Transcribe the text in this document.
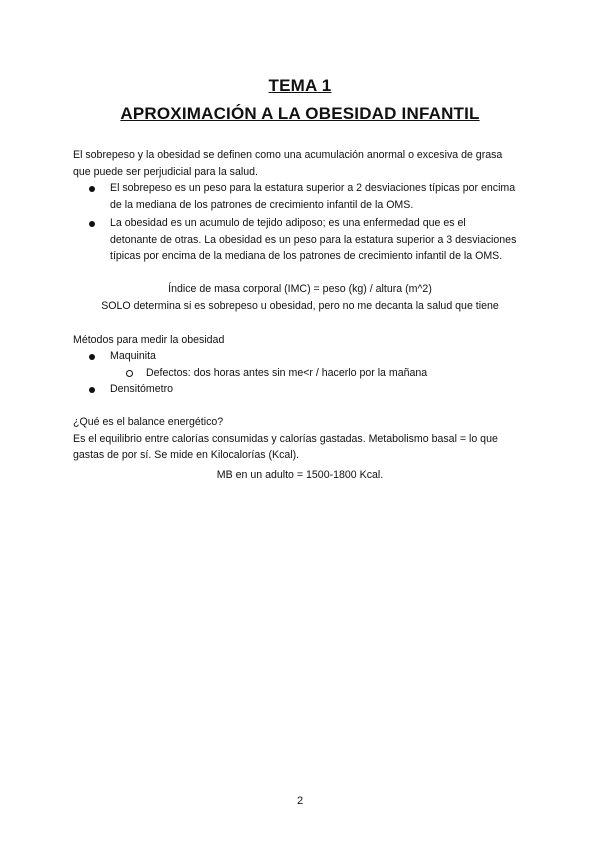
TEMA 1
APROXIMACIÓN A LA OBESIDAD INFANTIL
El sobrepeso y la obesidad se definen como una acumulación anormal o excesiva de grasa
que puede ser perjudicial para la salud.
El sobrepeso es un peso para la estatura superior a 2 desviaciones típicas por encima
de la mediana de los patrones de crecimiento infantil de la OMS.
La obesidad es un acumulo de tejido adiposo; es una enfermedad que es el
detonante de otras. La obesidad es un peso para la estatura superior a 3 desviaciones
típicas por encima de la mediana de los patrones de crecimiento infantil de la OMS.
Índice de masa corporal (IMC) = peso (kg) / altura (m^2)
SOLO determina si es sobrepeso u obesidad, pero no me decanta la salud que tiene
Métodos para medir la obesidad
Maquinita
Defectos: dos horas antes sin me<r / hacerlo por la mañana
Densitómetro
¿Qué es el balance energético?
Es el equilibrio entre calorías consumidas y calorías gastadas. Metabolismo basal = lo que
gastas de por sí. Se mide en Kilocalorías (Kcal).
MB en un adulto = 1500-1800 Kcal.
2
